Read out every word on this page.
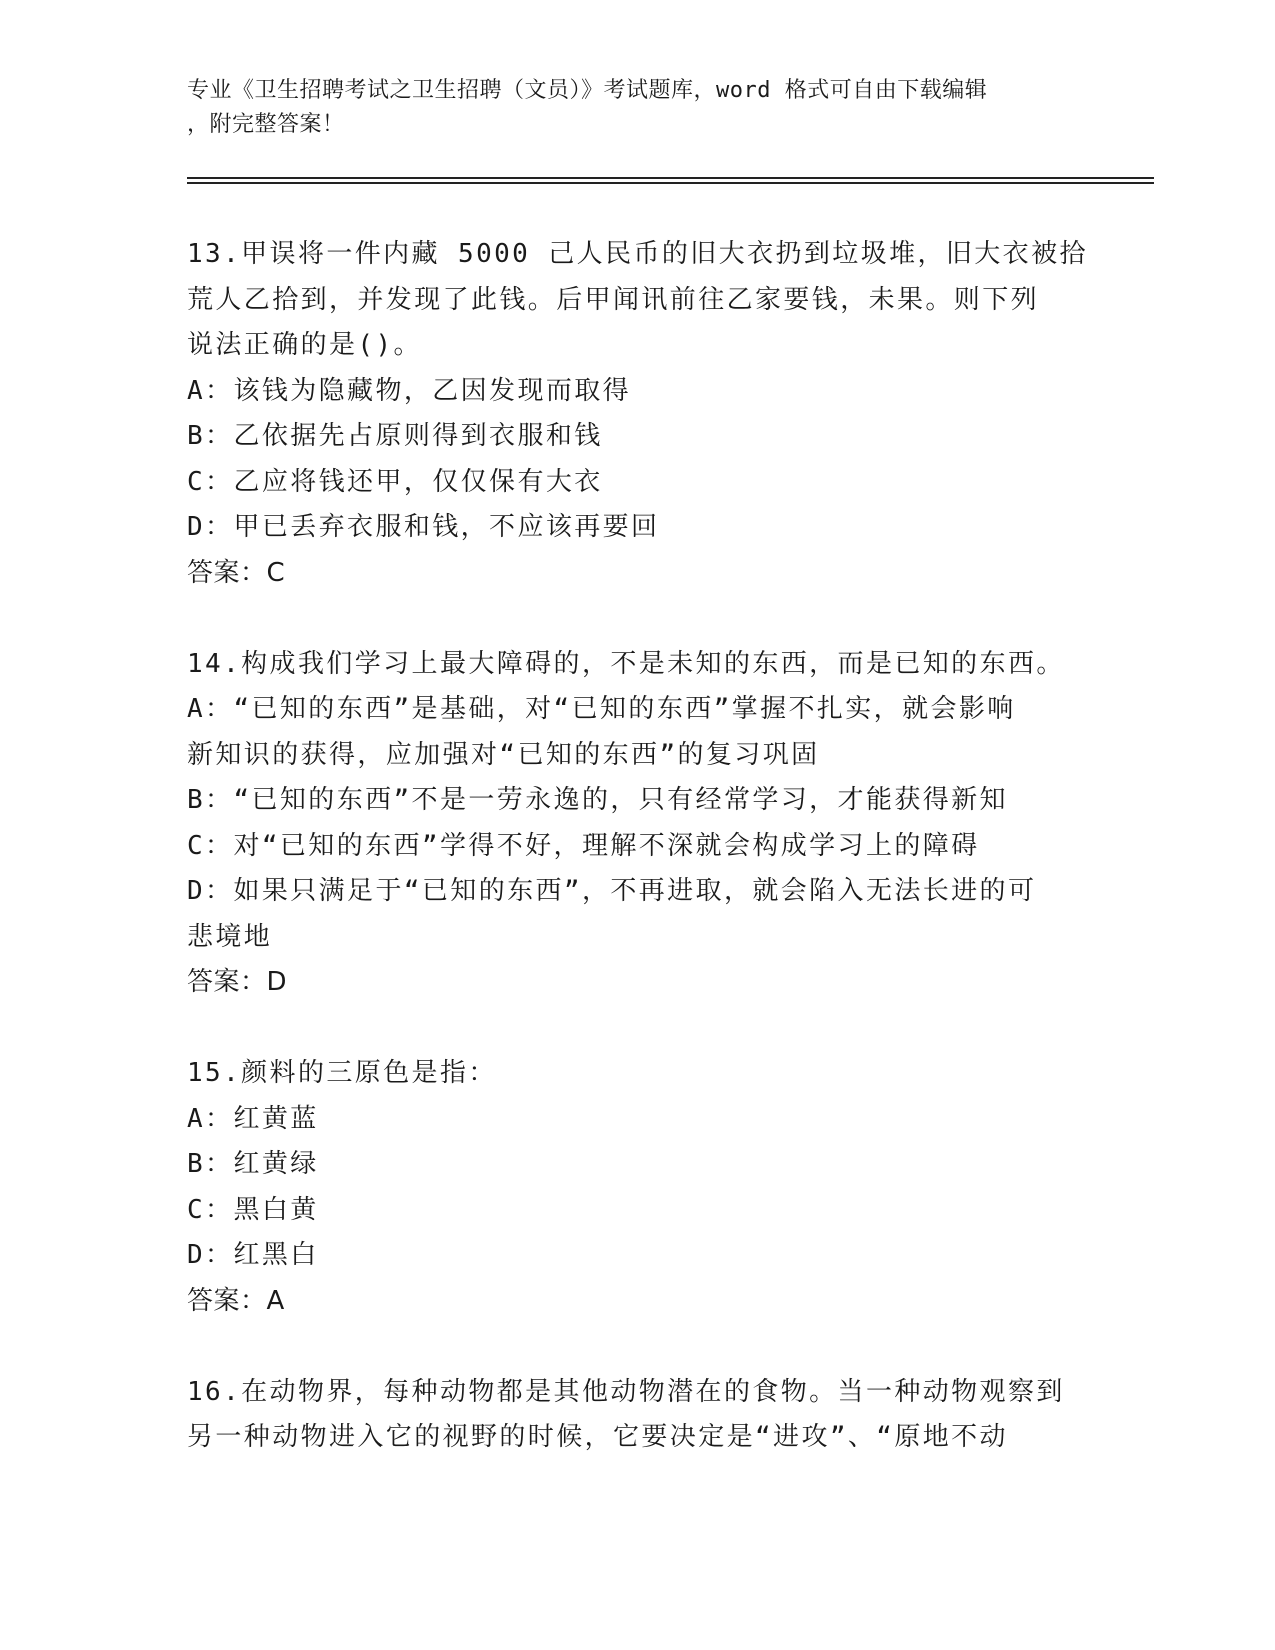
专业《卫生招聘考试之卫生招聘（文员）》考试题库，word 格式可自由下载编辑
，附完整答案！
13.甲误将一件内藏 5000 己人民币的旧大衣扔到垃圾堆，旧大衣被拾
荒人乙拾到，并发现了此钱。后甲闻讯前往乙家要钱，未果。则下列
说法正确的是()。
A：该钱为隐藏物，乙因发现而取得
B：乙依据先占原则得到衣服和钱
C：乙应将钱还甲，仅仅保有大衣
D：甲已丢弃衣服和钱，不应该再要回
答案：C
14.构成我们学习上最大障碍的，不是未知的东西，而是已知的东西。
A：“已知的东西”是基础，对“已知的东西”掌握不扎实，就会影响
新知识的获得，应加强对“已知的东西”的复习巩固
B：“已知的东西”不是一劳永逸的，只有经常学习，才能获得新知
C：对“已知的东西”学得不好，理解不深就会构成学习上的障碍
D：如果只满足于“已知的东西”，不再进取，就会陷入无法长进的可
悲境地
答案：D
15.颜料的三原色是指：
A：红黄蓝
B：红黄绿
C：黑白黄
D：红黑白
答案：A
16.在动物界，每种动物都是其他动物潜在的食物。当一种动物观察到
另一种动物进入它的视野的时候，它要决定是“进攻”、“原地不动
